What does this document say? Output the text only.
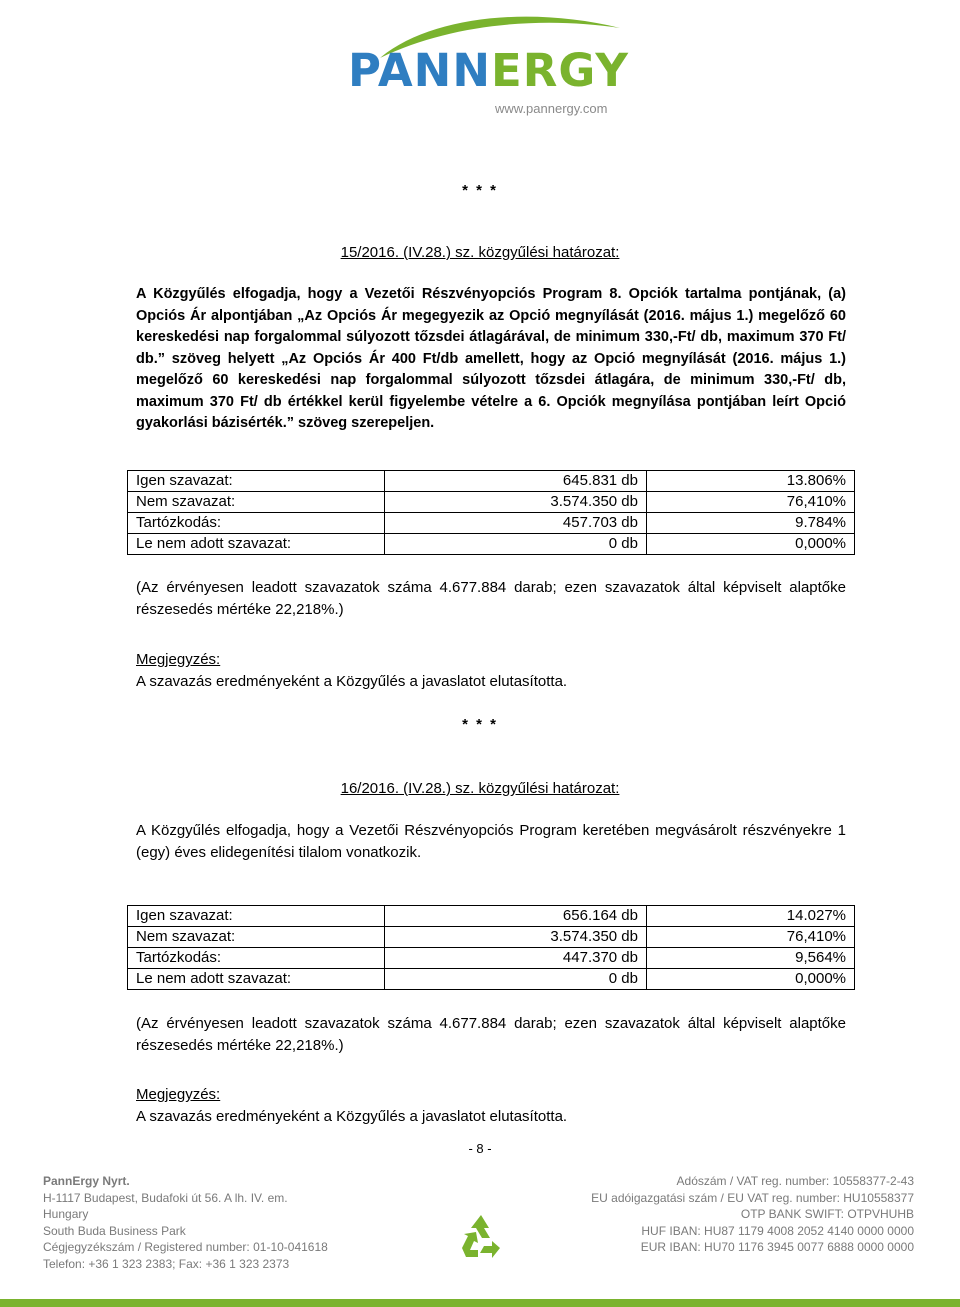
PANNERGY
www.pannergy.com
* * *
15/2016. (IV.28.) sz. közgyűlési határozat:
A Közgyűlés elfogadja, hogy a Vezetői Részvényopciós Program 8. Opciók tartalma pontjának, (a) Opciós Ár alpontjában „Az Opciós Ár megegyezik az Opció megnyílását (2016. május 1.) megelőző 60 kereskedési nap forgalommal súlyozott tőzsdei átlagárával, de minimum 330,-Ft/ db, maximum 370 Ft/ db.” szöveg helyett „Az Opciós Ár 400 Ft/db amellett, hogy az Opció megnyílását (2016. május 1.) megelőző 60 kereskedési nap forgalommal súlyozott tőzsdei átlagára, de minimum 330,-Ft/ db, maximum 370 Ft/ db értékkel kerül figyelembe vételre a 6. Opciók megnyílása pontjában leírt Opció gyakorlási bázisérték.” szöveg szerepeljen.
Igen szavazat:	645.831 db	13.806%
Nem szavazat:	3.574.350 db	76,410%
Tartózkodás:	457.703 db	9.784%
Le nem adott szavazat:	0 db	0,000%
(Az érvényesen leadott szavazatok száma 4.677.884 darab; ezen szavazatok által képviselt alaptőke részesedés mértéke 22,218%.)
Megjegyzés:
A szavazás eredményeként a Közgyűlés a javaslatot elutasította.
* * *
16/2016. (IV.28.) sz. közgyűlési határozat:
A Közgyűlés elfogadja, hogy a Vezetői Részvényopciós Program keretében megvásárolt részvényekre 1 (egy) éves elidegenítési tilalom vonatkozik.
Igen szavazat:	656.164 db	14.027%
Nem szavazat:	3.574.350 db	76,410%
Tartózkodás:	447.370 db	9,564%
Le nem adott szavazat:	0 db	0,000%
(Az érvényesen leadott szavazatok száma 4.677.884 darab; ezen szavazatok által képviselt alaptőke részesedés mértéke 22,218%.)
Megjegyzés:
A szavazás eredményeként a Közgyűlés a javaslatot elutasította.
- 8 -
PannErgy Nyrt.
H-1117 Budapest, Budafoki út 56. A lh. IV. em.
Hungary
South Buda Business Park
Cégjegyzékszám / Registered number: 01-10-041618
Telefon: +36 1 323 2383; Fax: +36 1 323 2373
Adószám / VAT reg. number: 10558377-2-43
EU adóigazgatási szám / EU VAT reg. number: HU10558377
OTP BANK SWIFT: OTPVHUHB
HUF IBAN: HU87 1179 4008 2052 4140 0000 0000
EUR IBAN: HU70 1176 3945 0077 6888 0000 0000
